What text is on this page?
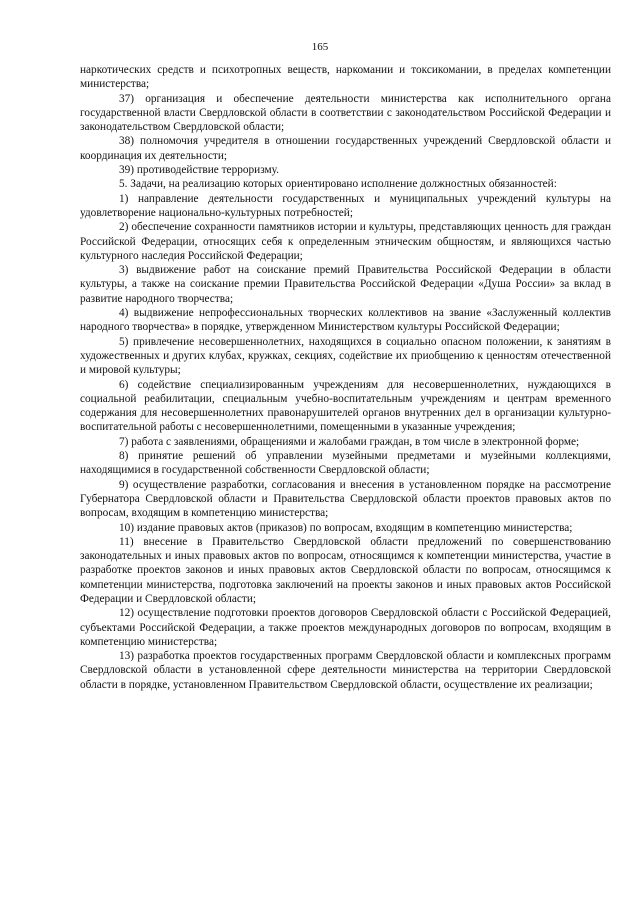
165

наркотических средств и психотропных веществ, наркомании и токсикомании, в пределах компетенции министерства;

37) организация и обеспечение деятельности министерства как исполнительного органа государственной власти Свердловской области в соответствии с законодательством Российской Федерации и законодательством Свердловской области;

38) полномочия учредителя в отношении государственных учреждений Свердловской области и координация их деятельности;

39) противодействие терроризму.

5. Задачи, на реализацию которых ориентировано исполнение должностных обязанностей:

1) направление деятельности государственных и муниципальных учреждений культуры на удовлетворение национально-культурных потребностей;

2) обеспечение сохранности памятников истории и культуры, представляющих ценность для граждан Российской Федерации, относящих себя к определенным этническим общностям, и являющихся частью культурного наследия Российской Федерации;

3) выдвижение работ на соискание премий Правительства Российской Федерации в области культуры, а также на соискание премии Правительства Российской Федерации «Душа России» за вклад в развитие народного творчества;

4) выдвижение непрофессиональных творческих коллективов на звание «Заслуженный коллектив народного творчества» в порядке, утвержденном Министерством культуры Российской Федерации;

5) привлечение несовершеннолетних, находящихся в социально опасном положении, к занятиям в художественных и других клубах, кружках, секциях, содействие их приобщению к ценностям отечественной и мировой культуры;

6) содействие специализированным учреждениям для несовершеннолетних, нуждающихся в социальной реабилитации, специальным учебно-воспитательным учреждениям и центрам временного содержания для несовершеннолетних правонарушителей органов внутренних дел в организации культурно-воспитательной работы с несовершеннолетними, помещенными в указанные учреждения;

7) работа с заявлениями, обращениями и жалобами граждан, в том числе в электронной форме;

8) принятие решений об управлении музейными предметами и музейными коллекциями, находящимися в государственной собственности Свердловской области;

9) осуществление разработки, согласования и внесения в установленном порядке на рассмотрение Губернатора Свердловской области и Правительства Свердловской области проектов правовых актов по вопросам, входящим в компетенцию министерства;

10) издание правовых актов (приказов) по вопросам, входящим в компетенцию министерства;

11) внесение в Правительство Свердловской области предложений по совершенствованию законодательных и иных правовых актов по вопросам, относящимся к компетенции министерства, участие в разработке проектов законов и иных правовых актов Свердловской области по вопросам, относящимся к компетенции министерства, подготовка заключений на проекты законов и иных правовых актов Российской Федерации и Свердловской области;

12) осуществление подготовки проектов договоров Свердловской области с Российской Федерацией, субъектами Российской Федерации, а также проектов международных договоров по вопросам, входящим в компетенцию министерства;

13) разработка проектов государственных программ Свердловской области и комплексных программ Свердловской области в установленной сфере деятельности министерства на территории Свердловской области в порядке, установленном Правительством Свердловской области, осуществление их реализации;
